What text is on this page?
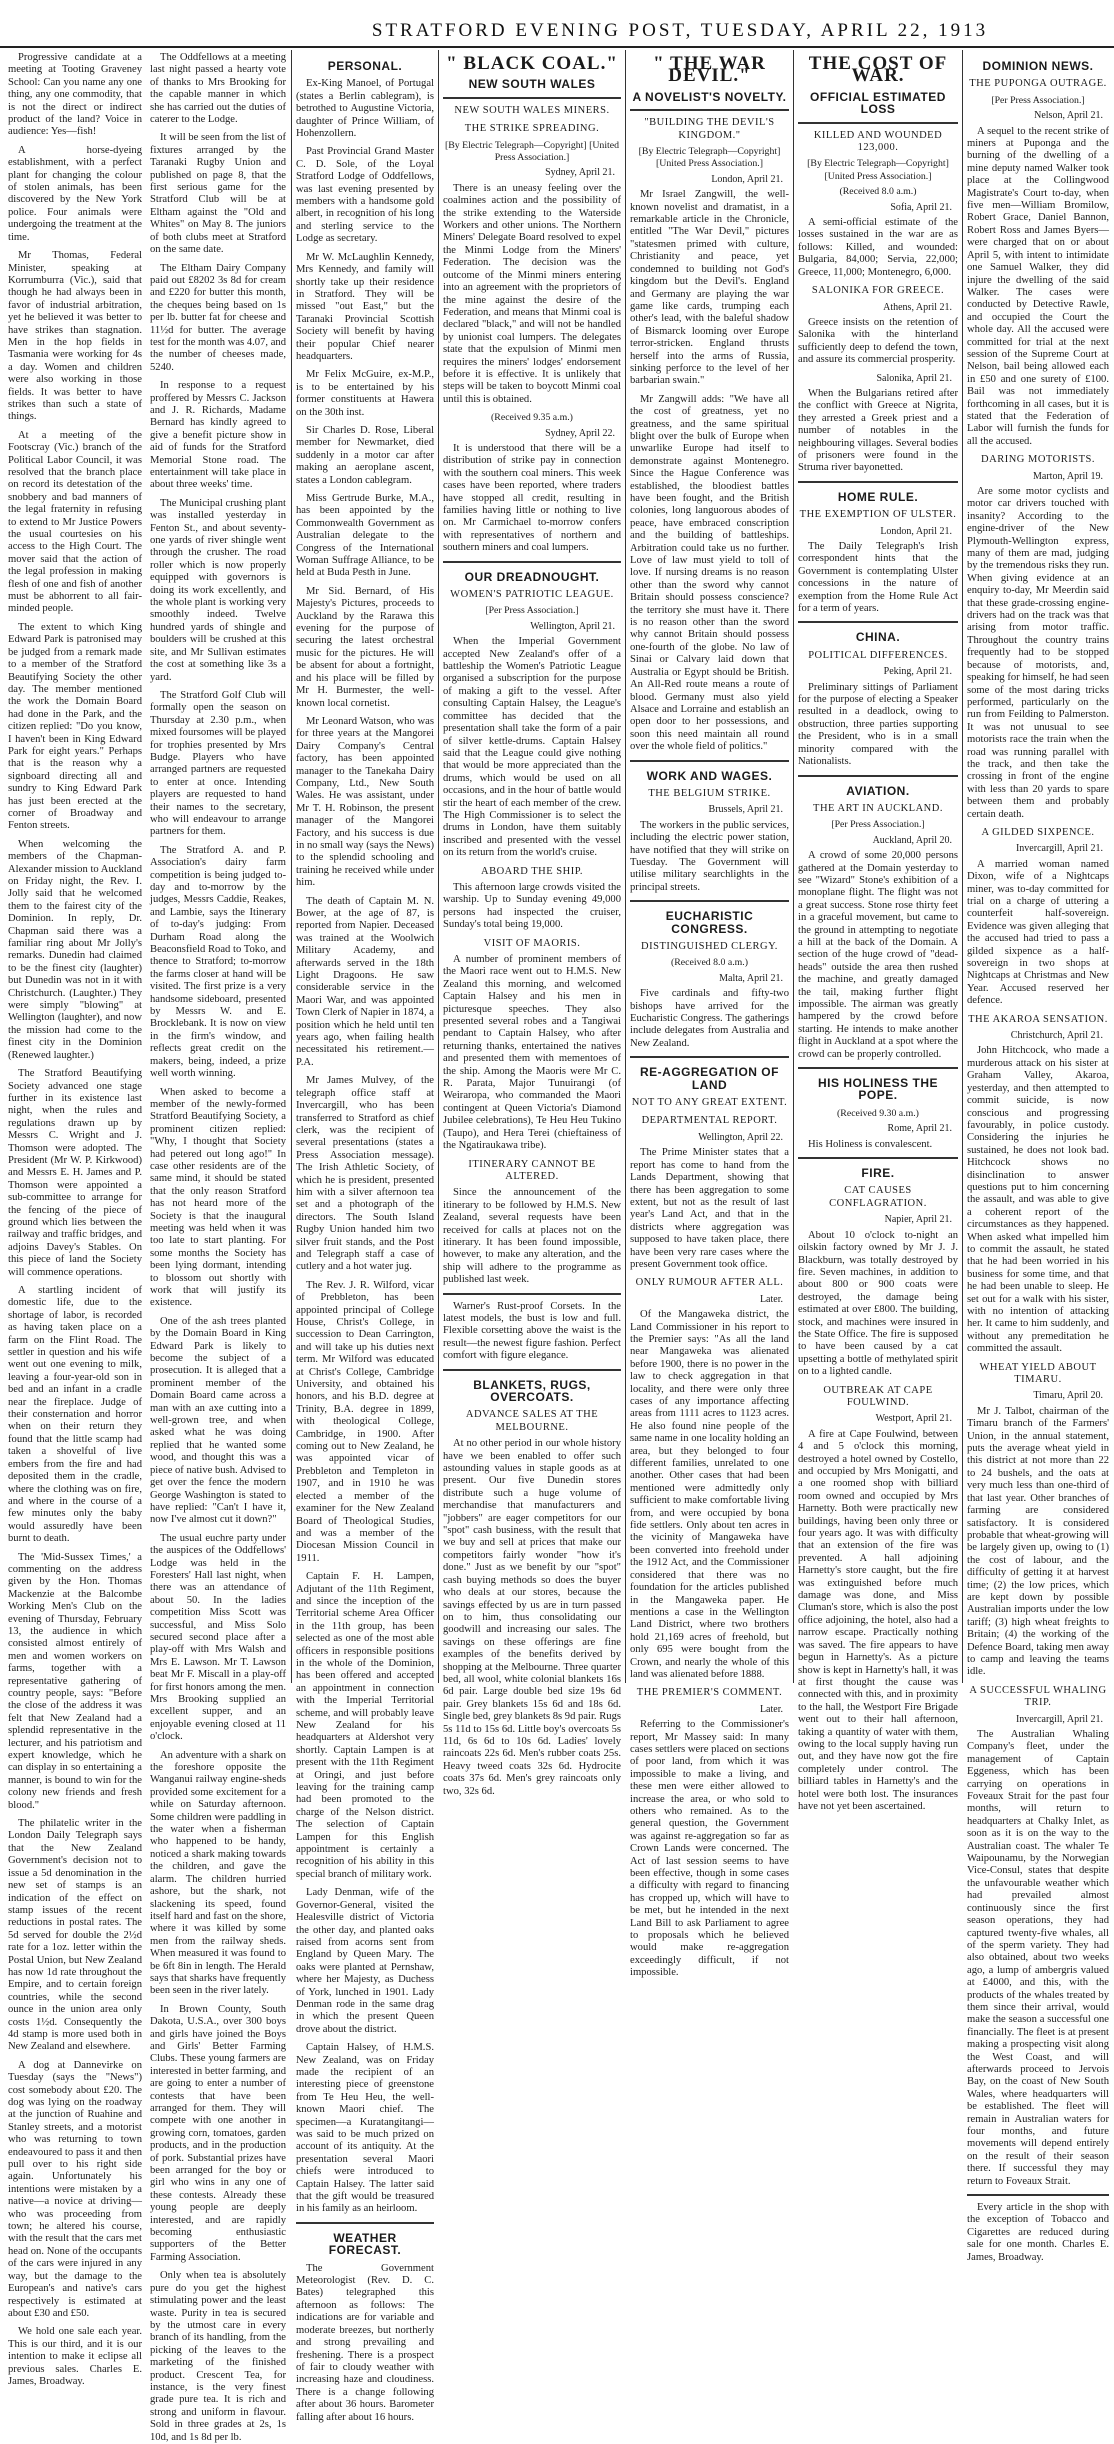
STRATFORD EVENING POST, TUESDAY, APRIL 22, 1913

Progressive candidate at a meeting at Tooting Graveney School: Can you name any one thing, any one commodity, that is not the direct or indirect product of the land? Voice in audience: Yes—fish!

A horse-dyeing establishment, with a perfect plant for changing the colour of stolen animals, has been discovered by the New York police. Four animals were undergoing the treatment at the time.

Mr Thomas, Federal Minister, speaking at Korrumburra (Vic.), said that though he had always been in favor of industrial arbitration, yet he believed it was better to have strikes than stagnation. Men in the hop fields in Tasmania were working for 4s a day. Women and children were also working in those fields. It was better to have strikes than such a state of things.

At a meeting of the Footscray (Vic.) branch of the Political Labor Council, it was resolved that the branch place on record its detestation of the snobbery and bad manners of the legal fraternity in refusing to extend to Mr Justice Powers the usual courtesies on his access to the High Court. The mover said that the action of the legal profession in making flesh of one and fish of another must be abhorrent to all fair-minded people.

The extent to which King Edward Park is patronised may be judged from a remark made to a member of the Stratford Beautifying Society the other day. The member mentioned the work the Domain Board had done in the Park, and the citizen replied: "Do you know, I haven't been in King Edward Park for eight years." Perhaps that is the reason why a signboard directing all and sundry to King Edward Park has just been erected at the corner of Broadway and Fenton streets.

When welcoming the members of the Chapman-Alexander mission to Auckland on Friday night, the Rev. I. Jolly said that he welcomed them to the fairest city of the Dominion. In reply, Dr. Chapman said there was a familiar ring about Mr Jolly's remarks. Dunedin had claimed to be the finest city (laughter) but Dunedin was not in it with Christchurch. (Laughter.) They were simply "blowing" at Wellington (laughter), and now the mission had come to the finest city in the Dominion (Renewed laughter.)

The Stratford Beautifying Society advanced one stage further in its existence last night, when the rules and regulations drawn up by Messrs C. Wright and J. Thomson were adopted. The President (Mr W. P. Kirkwood) and Messrs E. H. James and P. Thomson were appointed a sub-committee to arrange for the fencing of the piece of ground which lies between the railway and traffic bridges, and adjoins Davey's Stables. On this piece of land the Society will commence operations.

A startling incident of domestic life, due to the shortage of labor, is recorded as having taken place on a farm on the Flint Road. The settler in question and his wife went out one evening to milk, leaving a four-year-old son in bed and an infant in a cradle near the fireplace. Judge of their consternation and horror when on their return they found that the little scamp had taken a shovelful of live embers from the fire and had deposited them in the cradle, where the clothing was on fire, and where in the course of a few minutes only the baby would assuredly have been burnt to death.

The 'Mid-Sussex Times,' a commenting on the address given by the Hon. Thomas Mackenzie at the Balcombe Working Men's Club on the evening of Thursday, February 13, the audience in which consisted almost entirely of men and women workers on farms, together with a representative gathering of country people, says: "Before the close of the address it was felt that New Zealand had a splendid representative in the lecturer, and his patriotism and expert knowledge, which he can display in so entertaining a manner, is bound to win for the colony new friends and fresh blood."

The philatelic writer in the London Daily Telegraph says that the New Zealand Government's decision not to issue a 5d denomination in the new set of stamps is an indication of the effect on stamp issues of the recent reductions in postal rates. The 5d served for double the 2½d rate for a 1oz. letter within the Postal Union, but New Zealand has now 1d rate throughout the Empire, and to certain foreign countries, while the second ounce in the union area only costs 1½d. Consequently the 4d stamp is more used both in New Zealand and elsewhere.

A dog at Dannevirke on Tuesday (says the "News") cost somebody about £20. The dog was lying on the roadway at the junction of Ruahine and Stanley streets, and a motorist who was returning to town endeavoured to pass it and then pull over to his right side again. Unfortunately his intentions were mistaken by a native—a novice at driving—who was proceeding from town; he altered his course, with the result that the cars met head on. None of the occupants of the cars were injured in any way, but the damage to the European's and native's cars respectively is estimated at about £30 and £50.

We hold one sale each year. This is our third, and it is our intention to make it eclipse all previous sales. Charles E. James, Broadway.

The Oddfellows at a meeting last night passed a hearty vote of thanks to Mrs Brooking for the capable manner in which she has carried out the duties of caterer to the Lodge.

It will be seen from the list of fixtures arranged by the Taranaki Rugby Union and published on page 8, that the first serious game for the Stratford Club will be at Eltham against the "Old and Whites" on May 8. The juniors of both clubs meet at Stratford on the same date.

The Eltham Dairy Company paid out £8202 3s 8d for cream and £220 for butter this month, the cheques being based on 1s per lb. butter fat for cheese and 11½d for butter. The average test for the month was 4.07, and the number of cheeses made, 5240.

In response to a request proffered by Messrs C. Jackson and J. R. Richards, Madame Bernard has kindly agreed to give a benefit picture show in aid of funds for the Stratford Memorial Stone road. The entertainment will take place in about three weeks' time.

The Municipal crushing plant was installed yesterday in Fenton St., and about seventy-one yards of river shingle went through the crusher. The road roller which is now properly equipped with governors is doing its work excellently, and the whole plant is working very smoothly indeed. Twelve hundred yards of shingle and boulders will be crushed at this site, and Mr Sullivan estimates the cost at something like 3s a yard.

The Stratford Golf Club will formally open the season on Thursday at 2.30 p.m., when mixed foursomes will be played for trophies presented by Mrs Budge. Players who have arranged partners are requested to enter at once. Intending players are requested to hand their names to the secretary, who will endeavour to arrange partners for them.

The Stratford A. and P. Association's dairy farm competition is being judged to-day and to-morrow by the judges, Messrs Caddie, Reakes, and Lambie, says the Itinerary of to-day's judging: From Durham Road along the Beaconsfield Road to Toko, and thence to Stratford; to-morrow the farms closer at hand will be visited. The first prize is a very handsome sideboard, presented by Messrs W. and E. Brocklebank. It is now on view in the firm's window, and reflects great credit on the makers, being, indeed, a prize well worth winning.

When asked to become a member of the newly-formed Stratford Beautifying Society, a prominent citizen replied: "Why, I thought that Society had petered out long ago!" In case other residents are of the same mind, it should be stated that the only reason Stratford has not heard more of the Society is that the inaugural meeting was held when it was too late to start planting. For some months the Society has been lying dormant, intending to blossom out shortly with work that will justify its existence.

One of the ash trees planted by the Domain Board in King Edward Park is likely to become the subject of a prosecution. It is alleged that a prominent member of the Domain Board came across a man with an axe cutting into a well-grown tree, and when asked what he was doing replied that he wanted some wood, and thought this was a piece of native bush. Advised to get over the fence the modern George Washington is stated to have replied: "Can't I have it, now I've almost cut it down?"

The usual euchre party under the auspices of the Oddfellows' Lodge was held in the Foresters' Hall last night, when there was an attendance of about 50. In the ladies competition Miss Scott was successful, and Miss Solo secured second place after a play-off with Mrs Walsh and Mrs E. Lawson. Mr T. Lawson beat Mr F. Miscall in a play-off for first honors among the men. Mrs Brooking supplied an excellent supper, and an enjoyable evening closed at 11 o'clock.

An adventure with a shark on the foreshore opposite the Wanganui railway engine-sheds provided some excitement for a while on Saturday afternoon. Some children were paddling in the water when a fisherman who happened to be handy, noticed a shark making towards the children, and gave the alarm. The children hurried ashore, but the shark, not slackening its speed, found itself hard and fast on the shore, where it was killed by some men from the railway sheds. When measured it was found to be 6ft 8in in length. The Herald says that sharks have frequently been seen in the river lately.

In Brown County, South Dakota, U.S.A., over 300 boys and girls have joined the Boys and Girls' Better Farming Clubs. These young farmers are interested in better farming, and are going to enter a number of contests that have been arranged for them. They will compete with one another in growing corn, tomatoes, garden products, and in the production of pork. Substantial prizes have been arranged for the boy or girl who wins in any one of these contests. Already these young people are deeply interested, and are rapidly becoming enthusiastic supporters of the Better Farming Association.

Only when tea is absolutely pure do you get the highest stimulating power and the least waste. Purity in tea is secured by the utmost care in every branch of its handling, from the picking of the leaves to the marketing of the finished product. Crescent Tea, for instance, is the very finest grade pure tea. It is rich and strong and uniform in flavour. Sold in three grades at 2s, 1s 10d, and 1s 8d per lb.

PERSONAL.

Ex-King Manoel, of Portugal (states a Berlin cablegram), is betrothed to Augustine Victoria, daughter of Prince William, of Hohenzollern.

Past Provincial Grand Master C. D. Sole, of the Loyal Stratford Lodge of Oddfellows, was last evening presented by members with a handsome gold albert, in recognition of his long and sterling service to the Lodge as secretary.

Mr W. McLaughlin Kennedy, Mrs Kennedy, and family will shortly take up their residence in Stratford. They will be missed "out East," but the Taranaki Provincial Scottish Society will benefit by having their popular Chief nearer headquarters.

Mr Felix McGuire, ex-M.P., is to be entertained by his former constituents at Hawera on the 30th inst.

Sir Charles D. Rose, Liberal member for Newmarket, died suddenly in a motor car after making an aeroplane ascent, states a London cablegram.

Miss Gertrude Burke, M.A., has been appointed by the Commonwealth Government as Australian delegate to the Congress of the International Woman Suffrage Alliance, to be held at Buda Pesth in June.

Mr Sid. Bernard, of His Majesty's Pictures, proceeds to Auckland by the Rarawa this evening for the purpose of securing the latest orchestral music for the pictures. He will be absent for about a fortnight, and his place will be filled by Mr H. Burmester, the well-known local cornetist.

Mr Leonard Watson, who was for three years at the Mangorei Dairy Company's Central factory, has been appointed manager to the Tanekaha Dairy Company, Ltd., New South Wales. He was assistant, under Mr T. H. Robinson, the present manager of the Mangorei Factory, and his success is due in no small way (says the News) to the splendid schooling and training he received while under him.

The death of Captain M. N. Bower, at the age of 87, is reported from Napier. Deceased was trained at the Woolwich Military Academy, and afterwards served in the 18th Light Dragoons. He saw considerable service in the Maori War, and was appointed Town Clerk of Napier in 1874, a position which he held until ten years ago, when failing health necessitated his retirement.—P.A.

Mr James Mulvey, of the telegraph office staff at Invercargill, who has been transferred to Stratford as chief clerk, was the recipient of several presentations (states a Press Association message). The Irish Athletic Society, of which he is president, presented him with a silver afternoon tea set and a photograph of the directors. The South Island Rugby Union handed him two silver fruit stands, and the Post and Telegraph staff a case of cutlery and a hot water jug.

The Rev. J. R. Wilford, vicar of Prebbleton, has been appointed principal of College House, Christ's College, in succession to Dean Carrington, and will take up his duties next term. Mr Wilford was educated at Christ's College, Cambridge University, and obtained his honors, and his B.D. degree at Trinity, B.A. degree in 1899, with theological College, Cambridge, in 1900. After coming out to New Zealand, he was appointed vicar of Prebbleton and Templeton in 1907, and in 1910 he was elected a member of the examiner for the New Zealand Board of Theological Studies, and was a member of the Diocesan Mission Council in 1911.

Captain F. H. Lampen, Adjutant of the 11th Regiment, and since the inception of the Territorial scheme Area Officer in the 11th group, has been selected as one of the most able officers in responsible positions in the whole of the Dominion, has been offered and accepted an appointment in connection with the Imperial Territorial scheme, and will probably leave New Zealand for his headquarters at Aldershot very shortly. Captain Lampen is at present with the 11th Regiment at Oringi, and just before leaving for the training camp had been promoted to the charge of the Nelson district. The selection of Captain Lampen for this English appointment is certainly a recognition of his ability in this special branch of military work.

Lady Denman, wife of the Governor-General, visited the Healesville district of Victoria the other day, and planted oaks raised from acorns sent from England by Queen Mary. The oaks were planted at Pernshaw, where her Majesty, as Duchess of York, lunched in 1901. Lady Denman rode in the same drag in which the present Queen drove about the district.

Captain Halsey, of H.M.S. New Zealand, was on Friday made the recipient of an interesting piece of greenstone from Te Heu Heu, the well-known Maori chief. The specimen—a Kuratangitangi—was said to be much prized on account of its antiquity. At the presentation several Maori chiefs were introduced to Captain Halsey. The latter said that the gift would be treasured in his family as an heirloom.

WEATHER FORECAST.

The Government Meteorologist (Rev. D. C. Bates) telegraphed this afternoon as follows: The indications are for variable and moderate breezes, but northerly and strong prevailing and freshening. There is a prospect of fair to cloudy weather with increasing haze and cloudiness. There is a change following after about 36 hours. Barometer falling after about 16 hours.

" BLACK COAL."
NEW SOUTH WALES
NEW SOUTH WALES MINERS.
THE STRIKE SPREADING.
[By Electric Telegraph—Copyright] [United Press Association.]
Sydney, April 21.

There is an uneasy feeling over the coalmines action and the possibility of the strike extending to the Waterside Workers and other unions. The Northern Miners' Delegate Board resolved to expel the Minmi Lodge from the Miners' Federation. The decision was the outcome of the Minmi miners entering into an agreement with the proprietors of the mine against the desire of the Federation, and means that Minmi coal is declared "black," and will not be handled by unionist coal lumpers. The delegates state that the expulsion of Minmi men requires the miners' lodges' endorsement before it is effective. It is unlikely that steps will be taken to boycott Minmi coal until this is obtained.

(Received 9.35 a.m.)
Sydney, April 22.

It is understood that there will be a distribution of strike pay in connection with the southern coal miners. This week cases have been reported, where traders have stopped all credit, resulting in families having little or nothing to live on. Mr Carmichael to-morrow confers with representatives of northern and southern miners and coal lumpers.

OUR DREADNOUGHT.
WOMEN'S PATRIOTIC LEAGUE.
[Per Press Association.]
Wellington, April 21.

When the Imperial Government accepted New Zealand's offer of a battleship the Women's Patriotic League organised a subscription for the purpose of making a gift to the vessel. After consulting Captain Halsey, the League's committee has decided that the presentation shall take the form of a pair of silver kettle-drums. Captain Halsey said that the League could give nothing that would be more appreciated than the drums, which would be used on all occasions, and in the hour of battle would stir the heart of each member of the crew. The High Commissioner is to select the drums in London, have them suitably inscribed and presented with the vessel on its return from the world's cruise.

ABOARD THE SHIP.

This afternoon large crowds visited the warship. Up to Sunday evening 49,000 persons had inspected the cruiser, Sunday's total being 19,000.

VISIT OF MAORIS.

A number of prominent members of the Maori race went out to H.M.S. New Zealand this morning, and welcomed Captain Halsey and his men in picturesque speeches. They also presented several robes and a Tangiwai pendant to Captain Halsey, who after returning thanks, entertained the natives and presented them with mementoes of the ship. Among the Maoris were Mr C. R. Parata, Major Tunuirangi (of Weiraropa, who commanded the Maori contingent at Queen Victoria's Diamond Jubilee celebrations), Te Heu Heu Tukino (Taupo), and Hera Terei (chieftainess of the Ngatiraukawa tribe).

ITINERARY CANNOT BE ALTERED.

Since the announcement of the itinerary to be followed by H.M.S. New Zealand, several requests have been received for calls at places not on the itinerary. It has been found impossible, however, to make any alteration, and the ship will adhere to the programme as published last week.

Warner's Rust-proof Corsets. In the latest models, the bust is low and full. Flexible corsetting above the waist is the result—the newest figure fashion. Perfect comfort with figure elegance.

BLANKETS, RUGS, OVERCOATS.
ADVANCE SALES AT THE MELBOURNE.

At no other period in our whole history have we been enabled to offer such astounding values in staple goods as at present. Our five Dunedin stores distribute such a huge volume of merchandise that manufacturers and "jobbers" are eager competitors for our "spot" cash business, with the result that we buy and sell at prices that make our competitors fairly wonder "how it's done." Just as we benefit by our "spot" cash buying methods so does the buyer who deals at our stores, because the savings effected by us are in turn passed on to him, thus consolidating our goodwill and increasing our sales. The savings on these offerings are fine examples of the benefits derived by shopping at the Melbourne. Three quarter bed, all wool, white colonial blankets 16s 6d pair. Large double bed size 19s 6d pair. Grey blankets 15s 6d and 18s 6d. Single bed, grey blankets 8s 9d pair. Rugs 5s 11d to 15s 6d. Little boy's overcoats 5s 11d, 6s 6d to 10s 6d. Ladies' lovely raincoats 22s 6d. Men's rubber coats 25s. Heavy tweed coats 32s 6d. Hydrocite coats 37s 6d. Men's grey raincoats only two, 32s 6d.

" THE WAR DEVIL."
A NOVELIST'S NOVELTY.
"BUILDING THE DEVIL'S KINGDOM."
[By Electric Telegraph—Copyright] [United Press Association.]
London, April 21.

Mr Israel Zangwill, the well-known novelist and dramatist, in a remarkable article in the Chronicle, entitled "The War Devil," pictures "statesmen primed with culture, Christianity and peace, yet condemned to building not God's kingdom but the Devil's. England and Germany are playing the war game like cards, trumping each other's lead, with the baleful shadow of Bismarck looming over Europe terror-stricken. England thrusts herself into the arms of Russia, sinking perforce to the level of her barbarian swain."

Mr Zangwill adds: "We have all the cost of greatness, yet no greatness, and the same spiritual blight over the bulk of Europe when unwarlike Europe had itself to demonstrate against Montenegro. Since the Hague Conference was established, the bloodiest battles have been fought, and the British colonies, long languorous abodes of peace, have embraced conscription and the building of battleships. Arbitration could take us no further. Love of law must yield to toll of love. If nursing dreams is no reason other than the sword why cannot Britain should possess conscience? the territory she must have it. There is no reason other than the sword why cannot Britain should possess one-fourth of the globe. No law of Sinai or Calvary laid down that Australia or Egypt should be British. An All-Red route means a route of blood. Germany must also yield Alsace and Lorraine and establish an open door to her possessions, and soon this need maintain all round over the whole field of politics."

WORK AND WAGES.
THE BELGIUM STRIKE.
Brussels, April 21.

The workers in the public services, including the electric power station, have notified that they will strike on Tuesday. The Government will utilise military searchlights in the principal streets.

EUCHARISTIC CONGRESS.
DISTINGUISHED CLERGY.
(Received 8.0 a.m.)
Malta, April 21.

Five cardinals and fifty-two bishops have arrived for the Eucharistic Congress. The gatherings include delegates from Australia and New Zealand.

RE-AGGREGATION OF LAND
NOT TO ANY GREAT EXTENT.
DEPARTMENTAL REPORT.
Wellington, April 22.

The Prime Minister states that a report has come to hand from the Lands Department, showing that there has been aggregation to some extent, but not as the result of last year's Land Act, and that in the districts where aggregation was supposed to have taken place, there have been very rare cases where the present Government took office.

ONLY RUMOUR AFTER ALL.
Later.

Of the Mangaweka district, the Land Commissioner in his report to the Premier says: "As all the land near Mangaweka was alienated before 1900, there is no power in the law to check aggregation in that locality, and there were only three cases of any importance affecting areas from 1111 acres to 1123 acres. He also found nine people of the same name in one locality holding an area, but they belonged to four different families, unrelated to one another. Other cases that had been mentioned were admittedly only sufficient to make comfortable living from, and were occupied by bona fide settlers. Only about ten acres in the vicinity of Mangaweka have been converted into freehold under the 1912 Act, and the Commissioner considered that there was no foundation for the articles published in the Mangaweka paper. He mentions a case in the Wellington Land District, where two brothers hold 21,169 acres of freehold, but only 695 were bought from the Crown, and nearly the whole of this land was alienated before 1888.

THE PREMIER'S COMMENT.
Later.

Referring to the Commissioner's report, Mr Massey said: In many cases settlers were placed on sections of poor land, from which it was impossible to make a living, and these men were either allowed to increase the area, or who sold to others who remained. As to the general question, the Government was against re-aggregation so far as Crown Lands were concerned. The Act of last session seems to have been effective, though in some cases a difficulty with regard to financing has cropped up, which will have to be met, but he intended in the next Land Bill to ask Parliament to agree to proposals which he believed would make re-aggregation exceedingly difficult, if not impossible.

THE COST OF WAR.
OFFICIAL ESTIMATED LOSS
KILLED AND WOUNDED 123,000.
[By Electric Telegraph—Copyright] [United Press Association.]
(Received 8.0 a.m.)
Sofia, April 21.

A semi-official estimate of the losses sustained in the war are as follows: Killed, and wounded: Bulgaria, 84,000; Servia, 22,000; Greece, 11,000; Montenegro, 6,000.

SALONIKA FOR GREECE.
Athens, April 21.

Greece insists on the retention of Salonika with the hinterland sufficiently deep to defend the town, and assure its commercial prosperity.

Salonika, April 21.

When the Bulgarians retired after the conflict with Greece at Nigrita, they arrested a Greek priest and a number of notables in the neighbouring villages. Several bodies of prisoners were found in the Struma river bayonetted.

HOME RULE.
THE EXEMPTION OF ULSTER.
London, April 21.

The Daily Telegraph's Irish correspondent hints that the Government is contemplating Ulster concessions in the nature of exemption from the Home Rule Act for a term of years.

CHINA.
POLITICAL DIFFERENCES.
Peking, April 21.

Preliminary sittings of Parliament for the purpose of electing a Speaker resulted in a deadlock, owing to obstruction, three parties supporting the President, who is in a small minority compared with the Nationalists.

AVIATION.
THE ART IN AUCKLAND.
[Per Press Association.]
Auckland, April 20.

A crowd of some 20,000 persons gathered at the Domain yesterday to see "Wizard" Stone's exhibition of a monoplane flight. The flight was not a great success. Stone rose thirty feet in a graceful movement, but came to the ground in attempting to negotiate a hill at the back of the Domain. A section of the huge crowd of "dead-heads" outside the area then rushed the machine, and greatly damaged the tail, making further flight impossible. The airman was greatly hampered by the crowd before starting. He intends to make another flight in Auckland at a spot where the crowd can be properly controlled.

HIS HOLINESS THE POPE.
(Received 9.30 a.m.)
Rome, April 21.

His Holiness is convalescent.

FIRE.
CAT CAUSES CONFLAGRATION.
Napier, April 21.

About 10 o'clock to-night an oilskin factory owned by Mr J. J. Blackburn, was totally destroyed by fire. Seven machines, in addition to about 800 or 900 coats were destroyed, the damage being estimated at over £800. The building, stock, and machines were insured in the State Office. The fire is supposed to have been caused by a cat upsetting a bottle of methylated spirit on to a lighted candle.

OUTBREAK AT CAPE FOULWIND.
Westport, April 21.

A fire at Cape Foulwind, between 4 and 5 o'clock this morning, destroyed a hotel owned by Costello, and occupied by Mrs Monigatti, and a one roomed shop with billiard room owned and occupied by Mrs Harnetty. Both were practically new buildings, having been only three or four years ago. It was with difficulty that an extension of the fire was prevented. A hall adjoining Harnetty's store caught, but the fire was extinguished before much damage was done, and Miss Cluman's store, which is also the post office adjoining, the hotel, also had a narrow escape. Practically nothing was saved. The fire appears to have begun in Harnetty's. As a picture show is kept in Harnetty's hall, it was at first thought the cause was connected with this, and in proximity to the hall, the Westport Fire Brigade went out to their hall afternoon, taking a quantity of water with them, owing to the local supply having run out, and they have now got the fire completely under control. The billiard tables in Harnetty's and the hotel were both lost. The insurances have not yet been ascertained.

DOMINION NEWS.
THE PUPONGA OUTRAGE.
[Per Press Association.]
Nelson, April 21.

A sequel to the recent strike of miners at Puponga and the burning of the dwelling of a mine deputy named Walker took place at the Collingwood Magistrate's Court to-day, when five men—William Bromilow, Robert Grace, Daniel Bannon, Robert Ross and James Byers—were charged that on or about April 5, with intent to intimidate one Samuel Walker, they did injure the dwelling of the said Walker. The cases were conducted by Detective Rawle, and occupied the Court the whole day. All the accused were committed for trial at the next session of the Supreme Court at Nelson, bail being allowed each in £50 and one surety of £100. Bail was not immediately forthcoming in all cases, but it is stated that the Federation of Labor will furnish the funds for all the accused.

DARING MOTORISTS.
Marton, April 19.

Are some motor cyclists and motor car drivers touched with insanity? According to the engine-driver of the New Plymouth-Wellington express, many of them are mad, judging by the tremendous risks they run. When giving evidence at an enquiry to-day, Mr Meerdin said that these grade-crossing engine-drivers had on the track was that arising from motor traffic. Throughout the country trains frequently had to be stopped because of motorists, and, speaking for himself, he had seen some of the most daring tricks performed, particularly on the run from Feilding to Palmerston. It was not unusual to see motorists race the train when the road was running parallel with the track, and then take the crossing in front of the engine with less than 20 yards to spare between them and probably certain death.

A GILDED SIXPENCE.
Invercargill, April 21.

A married woman named Dixon, wife of a Nightcaps miner, was to-day committed for trial on a charge of uttering a counterfeit half-sovereign. Evidence was given alleging that the accused had tried to pass a gilded sixpence as a half-sovereign in two shops at Nightcaps at Christmas and New Year. Accused reserved her defence.

THE AKAROA SENSATION.
Christchurch, April 21.

John Hitchcock, who made a murderous attack on his sister at Graham Valley, Akaroa, yesterday, and then attempted to commit suicide, is now conscious and progressing favourably, in police custody. Considering the injuries he sustained, he does not look bad. Hitchcock shows no disinclination to answer questions put to him concerning the assault, and was able to give a coherent report of the circumstances as they happened. When asked what impelled him to commit the assault, he stated that he had been worried in his business for some time, and that he had been unable to sleep. He set out for a walk with his sister, with no intention of attacking her. It came to him suddenly, and without any premeditation he committed the assault.

WHEAT YIELD ABOUT TIMARU.
Timaru, April 20.

Mr J. Talbot, chairman of the Timaru branch of the Farmers' Union, in the annual statement, puts the average wheat yield in this district at not more than 22 to 24 bushels, and the oats at very much less than one-third of that last year. Other branches of farming are considered satisfactory. It is considered probable that wheat-growing will be largely given up, owing to (1) the cost of labour, and the difficulty of getting it at harvest time; (2) the low prices, which are kept down by possible Australian imports under the low tariff; (3) high wheat freights to Britain; (4) the working of the Defence Board, taking men away to camp and leaving the teams idle.

A SUCCESSFUL WHALING TRIP.
Invercargill, April 21.

The Australian Whaling Company's fleet, under the management of Captain Eggeness, which has been carrying on operations in Foveaux Strait for the past four months, will return to headquarters at Chalky Inlet, as soon as it is on the way to the Australian coast. The whaler Te Waipounamu, by the Norwegian Vice-Consul, states that despite the unfavourable weather which had prevailed almost continuously since the first season operations, they had captured twenty-five whales, all of the sperm variety. They had also obtained, about two weeks ago, a lump of ambergris valued at £4000, and this, with the products of the whales treated by them since their arrival, would make the season a successful one financially. The fleet is at present making a prospecting visit along the West Coast, and will afterwards proceed to Jervois Bay, on the coast of New South Wales, where headquarters will be established. The fleet will remain in Australian waters for four months, and future movements will depend entirely on the result of their season there. If successful they may return to Foveaux Strait.

Every article in the shop with the exception of Tobacco and Cigarettes are reduced during sale for one month. Charles E. James, Broadway.
